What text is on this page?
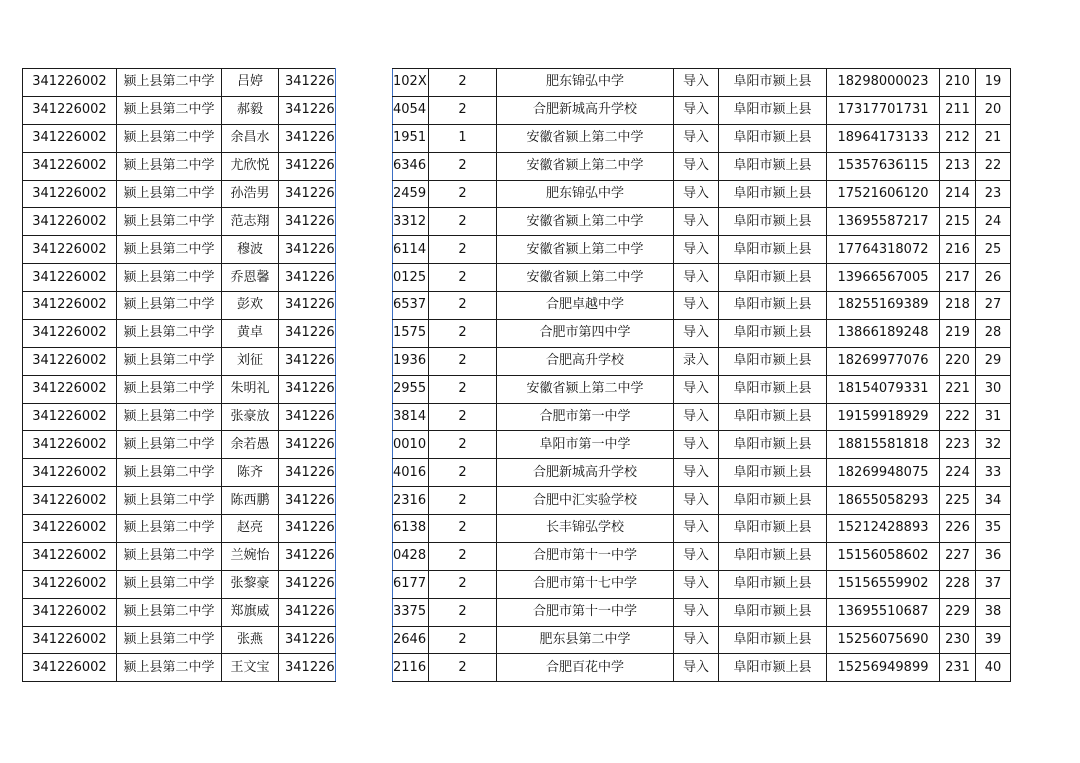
341226002	颍上县第二中学	吕婷	341226
341226002	颍上县第二中学	郝毅	341226
341226002	颍上县第二中学	余昌水	341226
341226002	颍上县第二中学	尤欣悦	341226
341226002	颍上县第二中学	孙浩男	341226
341226002	颍上县第二中学	范志翔	341226
341226002	颍上县第二中学	穆波	341226
341226002	颍上县第二中学	乔恩馨	341226
341226002	颍上县第二中学	彭欢	341226
341226002	颍上县第二中学	黄卓	341226
341226002	颍上县第二中学	刘征	341226
341226002	颍上县第二中学	朱明礼	341226
341226002	颍上县第二中学	张豪放	341226
341226002	颍上县第二中学	余若愚	341226
341226002	颍上县第二中学	陈齐	341226
341226002	颍上县第二中学	陈西鹏	341226
341226002	颍上县第二中学	赵亮	341226
341226002	颍上县第二中学	兰婉怡	341226
341226002	颍上县第二中学	张黎豪	341226
341226002	颍上县第二中学	郑旗威	341226
341226002	颍上县第二中学	张燕	341226
341226002	颍上县第二中学	王文宝	341226
102X	2	肥东锦弘中学	导入	阜阳市颍上县	18298000023	210	19
4054	2	合肥新城高升学校	导入	阜阳市颍上县	17317701731	211	20
1951	1	安徽省颍上第二中学	导入	阜阳市颍上县	18964173133	212	21
6346	2	安徽省颍上第二中学	导入	阜阳市颍上县	15357636115	213	22
2459	2	肥东锦弘中学	导入	阜阳市颍上县	17521606120	214	23
3312	2	安徽省颍上第二中学	导入	阜阳市颍上县	13695587217	215	24
6114	2	安徽省颍上第二中学	导入	阜阳市颍上县	17764318072	216	25
0125	2	安徽省颍上第二中学	导入	阜阳市颍上县	13966567005	217	26
6537	2	合肥卓越中学	导入	阜阳市颍上县	18255169389	218	27
1575	2	合肥市第四中学	导入	阜阳市颍上县	13866189248	219	28
1936	2	合肥高升学校	录入	阜阳市颍上县	18269977076	220	29
2955	2	安徽省颍上第二中学	导入	阜阳市颍上县	18154079331	221	30
3814	2	合肥市第一中学	导入	阜阳市颍上县	19159918929	222	31
0010	2	阜阳市第一中学	导入	阜阳市颍上县	18815581818	223	32
4016	2	合肥新城高升学校	导入	阜阳市颍上县	18269948075	224	33
2316	2	合肥中汇实验学校	导入	阜阳市颍上县	18655058293	225	34
6138	2	长丰锦弘学校	导入	阜阳市颍上县	15212428893	226	35
0428	2	合肥市第十一中学	导入	阜阳市颍上县	15156058602	227	36
6177	2	合肥市第十七中学	导入	阜阳市颍上县	15156559902	228	37
3375	2	合肥市第十一中学	导入	阜阳市颍上县	13695510687	229	38
2646	2	肥东县第二中学	导入	阜阳市颍上县	15256075690	230	39
2116	2	合肥百花中学	导入	阜阳市颍上县	15256949899	231	40
